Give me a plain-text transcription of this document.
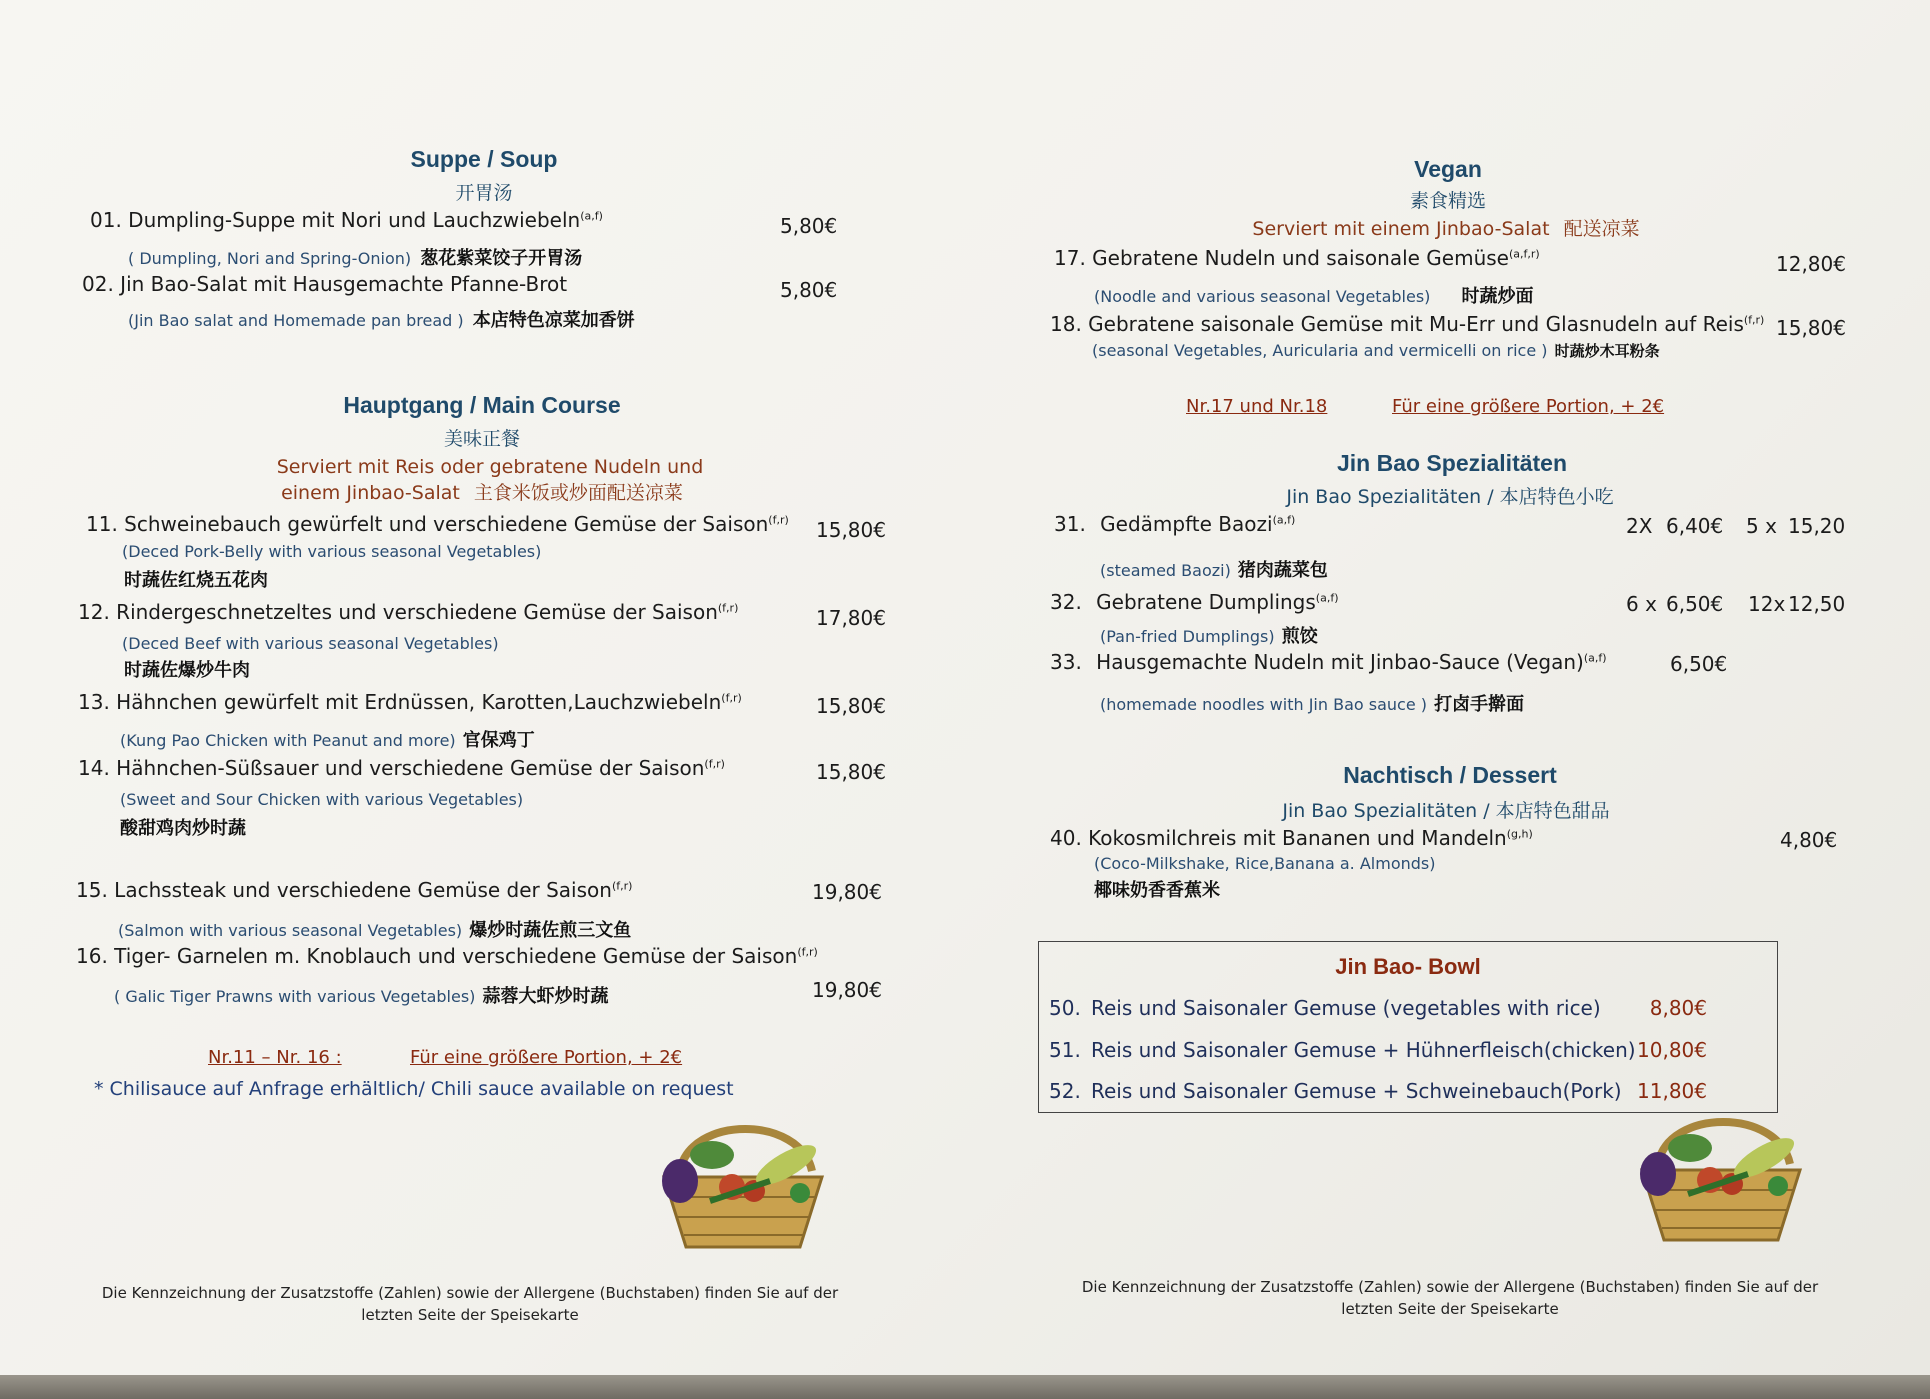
Suppe / Soup
开胃汤
01. Dumpling-Suppe mit Nori und Lauchzwiebeln$^{(a,f)}$	5,80€
( Dumpling, Nori and Spring-Onion) 葱花紫菜饺子开胃汤
02. Jin Bao-Salat mit Hausgemachte Pfanne-Brot	5,80€
(Jin Bao salat and Homemade pan bread ) 本店特色凉菜加香饼
Hauptgang / Main Course
美味正餐
Serviert mit Reis oder gebratene Nudeln und
einem Jinbao-Salat 主食米饭或炒面配送凉菜
11. Schweinebauch gewürfelt und verschiedene Gemüse der Saison$^{(f,r)}$ 15,80€
(Deced Pork-Belly with various seasonal Vegetables)
时蔬佐红烧五花肉
12. Rindergeschnetzeltes und verschiedene Gemüse der Saison$^{(f,r)}$	17,80€
(Deced Beef with various seasonal Vegetables)
时蔬佐爆炒牛肉
13. Hähnchen gewürfelt mit Erdnüssen, Karotten,Lauchzwiebeln$^{(f,r)}$	15,80€
(Kung Pao Chicken with Peanut and more) 官保鸡丁
14. Hähnchen-Süßsauer und verschiedene Gemüse der Saison$^{(f,r)}$	15,80€
(Sweet and Sour Chicken with various Vegetables)
酸甜鸡肉炒时蔬
15. Lachssteak und verschiedene Gemüse der Saison$^{(f,r)}$	19,80€
(Salmon with various seasonal Vegetables) 爆炒时蔬佐煎三文鱼
16. Tiger- Garnelen m. Knoblauch und verschiedene Gemüse der Saison$^{(f,r)}$
19,80€
( Galic Tiger Prawns with various Vegetables) 蒜蓉大虾炒时蔬
Nr.11 – Nr. 16 :	Für eine größere Portion, + 2€
* Chilisauce auf Anfrage erhältlich/ Chili sauce available on request
Die Kennzeichnung der Zusatzstoffe (Zahlen) sowie der Allergene (Buchstaben) finden Sie auf der
letzten Seite der Speisekarte
Vegan
素食精选
Serviert mit einem Jinbao-Salat 配送凉菜
17. Gebratene Nudeln und saisonale Gemüse$^{(a,f,r)}$	12,80€
(Noodle and various seasonal Vegetables) 时蔬炒面
18. Gebratene saisonale Gemüse mit Mu-Err und Glasnudeln auf Reis$^{(f,r)}$ 15,80€
(seasonal Vegetables, Auricularia and vermicelli on rice ) 时蔬炒木耳粉条
Nr.17 und Nr.18	Für eine größere Portion, + 2€
Jin Bao Spezialitäten
Jin Bao Spezialitäten / 本店特色小吃
31. Gedämpfte Baozi$^{(a,f)}$	2X 6,40€ 5 x 15,20
(steamed Baozi) 猪肉蔬菜包
32. Gebratene Dumplings$^{(a,f)}$	6 x 6,50€ 12x 12,50
(Pan-fried Dumplings) 煎饺
33. Hausgemachte Nudeln mit Jinbao-Sauce (Vegan)$^{(a,f)}$	6,50€
(homemade noodles with Jin Bao sauce ) 打卤手擀面
Nachtisch / Dessert
Jin Bao Spezialitäten / 本店特色甜品
40. Kokosmilchreis mit Bananen und Mandeln$^{(g,h)}$	4,80€
(Coco-Milkshake, Rice,Banana a. Almonds)
椰味奶香香蕉米
Jin Bao- Bowl
50. Reis und Saisonaler Gemuse (vegetables with rice) 8,80€
51. Reis und Saisonaler Gemuse + Hühnerfleisch(chicken) 10,80€
52. Reis und Saisonaler Gemuse + Schweinebauch(Pork) 11,80€
Die Kennzeichnung der Zusatzstoffe (Zahlen) sowie der Allergene (Buchstaben) finden Sie auf der
letzten Seite der Speisekarte
